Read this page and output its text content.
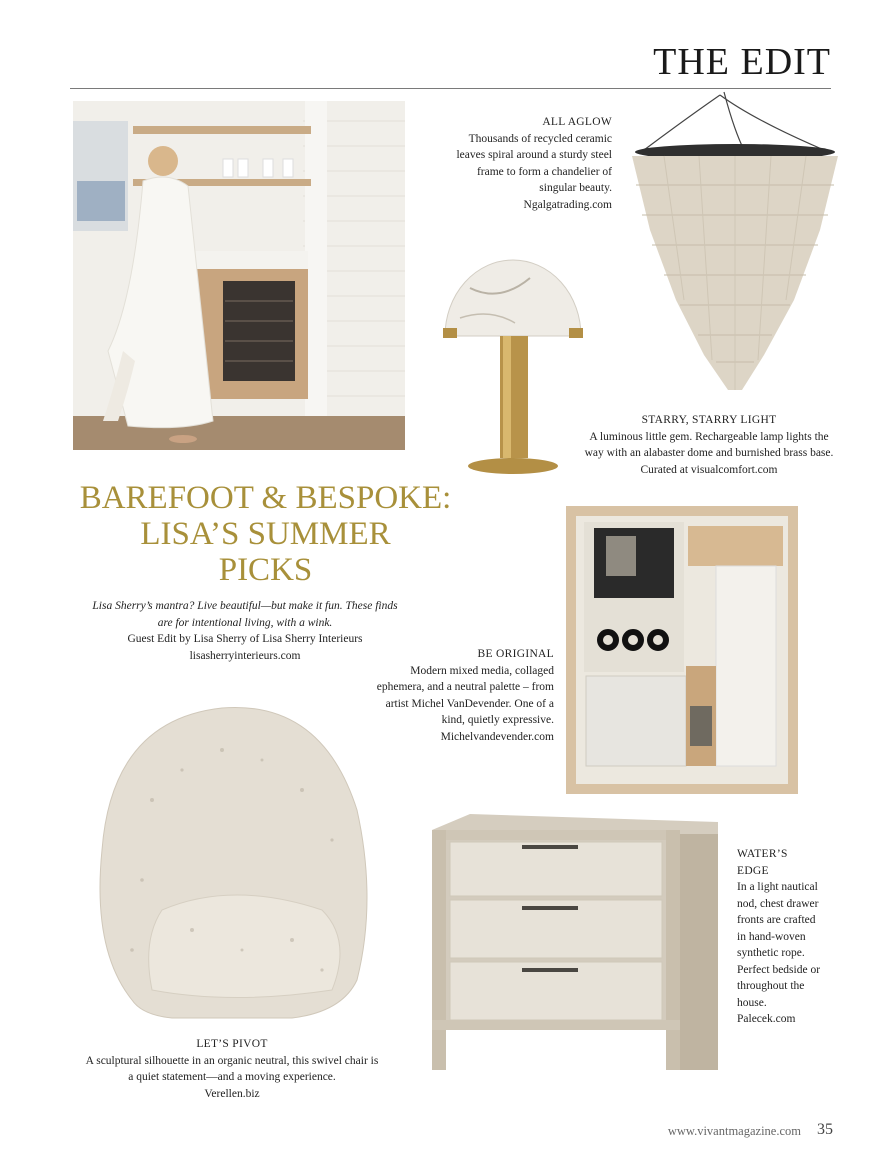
THE EDIT
ALL AGLOW
Thousands of recycled ceramic
leaves spiral around a sturdy steel
frame to form a chandelier of
singular beauty.
Ngalgatrading.com
STARRY, STARRY LIGHT
A luminous little gem. Rechargeable lamp lights the
way with an alabaster dome and burnished brass base.
Curated at visualcomfort.com
BAREFOOT & BESPOKE:
LISA’S SUMMER
PICKS
Lisa Sherry’s mantra? Live beautiful—but make it fun. These finds
are for intentional living, with a wink.
Guest Edit by Lisa Sherry of Lisa Sherry Interieurs
lisasherryinterieurs.com	BE ORIGINAL
Modern mixed media, collaged
ephemera, and a neutral palette – from
artist Michel VanDevender. One of a
kind, quietly expressive.
Michelvandevender.com
WATER’S
EDGE
In a light nautical
nod, chest drawer
fronts are crafted
in hand-woven
synthetic rope.
Perfect bedside or
throughout the
house.
Palecek.com
LET’S PIVOT
A sculptural silhouette in an organic neutral, this swivel chair is
a quiet statement—and a moving experience.
Verellen.biz
www.vivantmagazine.com 35
